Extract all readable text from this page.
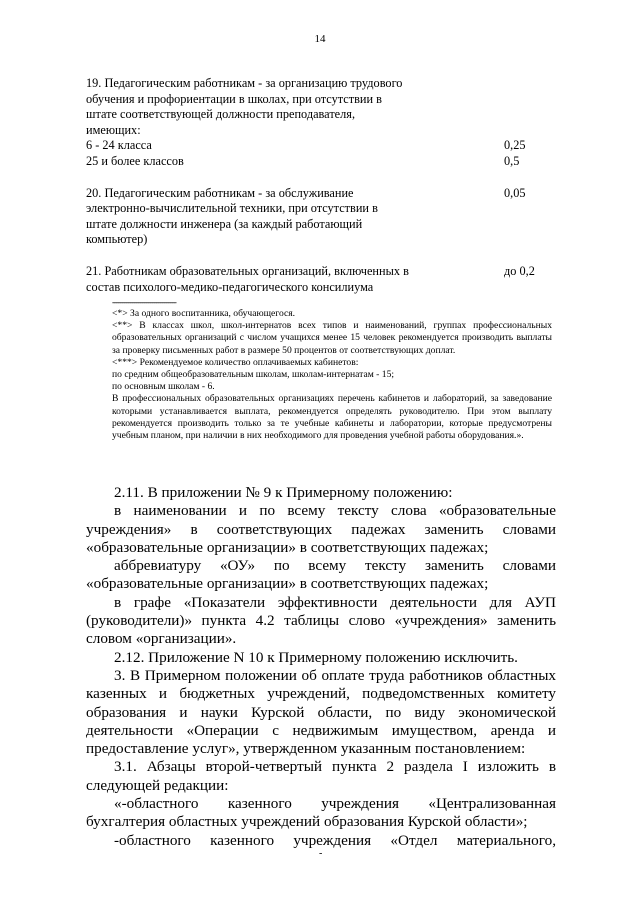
14
19. Педагогическим работникам - за организацию трудового обучения и профориентации в школах, при отсутствии в штате соответствующей должности преподавателя, имеющих:
6 - 24 класса	0,25
25 и более классов	0,5
20. Педагогическим работникам - за обслуживание электронно-вычислительной техники, при отсутствии в штате должности инженера (за каждый работающий компьютер)
0,05
21. Работникам образовательных организаций, включенных в состав психолого-медико-педагогического консилиума
до 0,2
--------------------------------
<*> За одного воспитанника, обучающегося.
<**> В классах школ, школ-интернатов всех типов и наименований, группах профессиональных образовательных организаций с числом учащихся менее 15 человек рекомендуется производить выплаты за проверку письменных работ в размере 50 процентов от соответствующих доплат.
<***> Рекомендуемое количество оплачиваемых кабинетов:
по средним общеобразовательным школам, школам-интернатам - 15;
по основным школам - 6.
В профессиональных образовательных организациях перечень кабинетов и лабораторий, за заведование которыми устанавливается выплата, рекомендуется определять руководителю. При этом выплату рекомендуется производить только за те учебные кабинеты и лаборатории, которые предусмотрены учебным планом, при наличии в них необходимого для проведения учебной работы оборудования.».

2.11. В приложении № 9 к Примерному положению:

в наименовании и по всему тексту слова «образовательные учреждения» в соответствующих падежах заменить словами «образовательные организации» в соответствующих падежах;

аббревиатуру «ОУ» по всему тексту заменить словами «образовательные организации» в соответствующих падежах;

в графе «Показатели эффективности деятельности для АУП (руководители)» пункта 4.2 таблицы слово «учреждения» заменить словом «организации».

2.12. Приложение N 10 к Примерному положению исключить.

3. В Примерном положении об оплате труда работников областных казенных и бюджетных учреждений, подведомственных комитету образования и науки Курской области, по виду экономической деятельности «Операции с недвижимым имуществом, аренда и предоставление услуг», утвержденном указанным постановлением:

3.1. Абзацы второй-четвертый пункта 2 раздела I изложить в следующей редакции:

«-областного казенного учреждения «Централизованная бухгалтерия областных учреждений образования Курской области»;

-областного казенного учреждения «Отдел материального,

-
